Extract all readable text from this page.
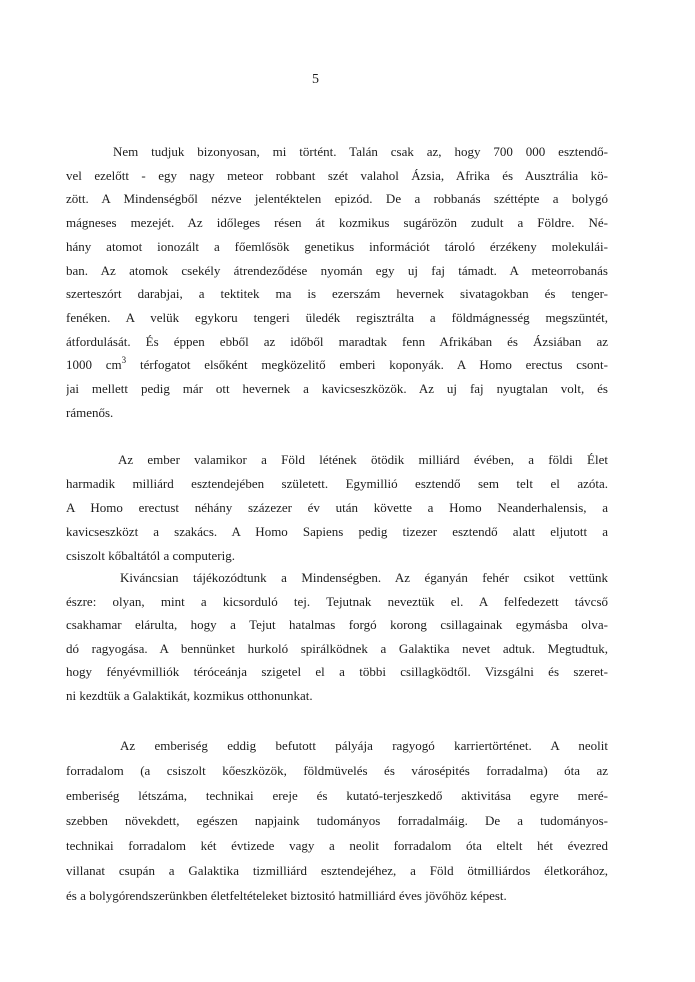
5
Nem tudjuk bizonyosan, mi történt. Talán csak az, hogy 700 000 esztendő-
vel ezelőtt - egy nagy meteor robbant szét valahol Ázsia, Afrika és Ausztrália kö-
zött. A Mindenségből nézve jelentéktelen epizód. De a robbanás széttépte a bolygó
mágneses mezejét. Az időleges résen át kozmikus sugárözön zudult a Földre. Né-
hány atomot ionozált a főemlősök genetikus információt tároló érzékeny molekulái-
ban. Az atomok csekély átrendeződése nyomán egy uj faj támadt. A meteorrobanás
szerteszórt darabjai, a tektitek ma is ezerszám hevernek sivatagokban és tenger-
fenéken. A velük egykoru tengeri üledék regisztrálta a földmágnesség megszüntét,
átfordulását. És éppen ebből az időből maradtak fenn Afrikában és Ázsiában az
1000 $cm^3$ térfogatot elsőként megközelitő emberi koponyák. A Homo erectus csont-
jai mellett pedig már ott hevernek a kavicseszközök. Az uj faj nyugtalan volt, és
rámenős.
Az ember valamikor a Föld létének ötödik milliárd évében, a földi Élet
harmadik milliárd esztendejében született. Egymillió esztendő sem telt el azóta.
A Homo erectust néhány százezer év után követte a Homo Neanderhalensis, a
kavicseszközt a szakács. A Homo Sapiens pedig tizezer esztendő alatt eljutott a
csiszolt kőbaltától a computerig.
Kiváncsian tájékozódtunk a Mindenségben. Az éganyán fehér csikot vettünk
észre: olyan, mint a kicsorduló tej. Tejutnak neveztük el. A felfedezett távcső
csakhamar elárulta, hogy a Tejut hatalmas forgó korong csillagainak egymásba olva-
dó ragyogása. A bennünket hurkoló spirálködnek a Galaktika nevet adtuk. Megtudtuk,
hogy fényévmilliók téróceánja szigetel el a többi csillagködtől. Vizsgálni és szeret-
ni kezdtük a Galaktikát, kozmikus otthonunkat.
Az emberiség eddig befutott pályája ragyogó karriertörténet. A neolit
forradalom (a csiszolt kőeszközök, földmüvelés és városépités forradalma) óta az
emberiség létszáma, technikai ereje és kutató-terjeszkedő aktivitása egyre meré-
szebben növekdett, egészen napjaink tudományos forradalmáig. De a tudományos-
technikai forradalom két évtizede vagy a neolit forradalom óta eltelt hét évezred
villanat csupán a Galaktika tizmilliárd esztendejéhez, a Föld ötmilliárdos életkorához,
és a bolygórendszerünkben életfeltételeket biztositó hatmilliárd éves jövőhöz képest.
